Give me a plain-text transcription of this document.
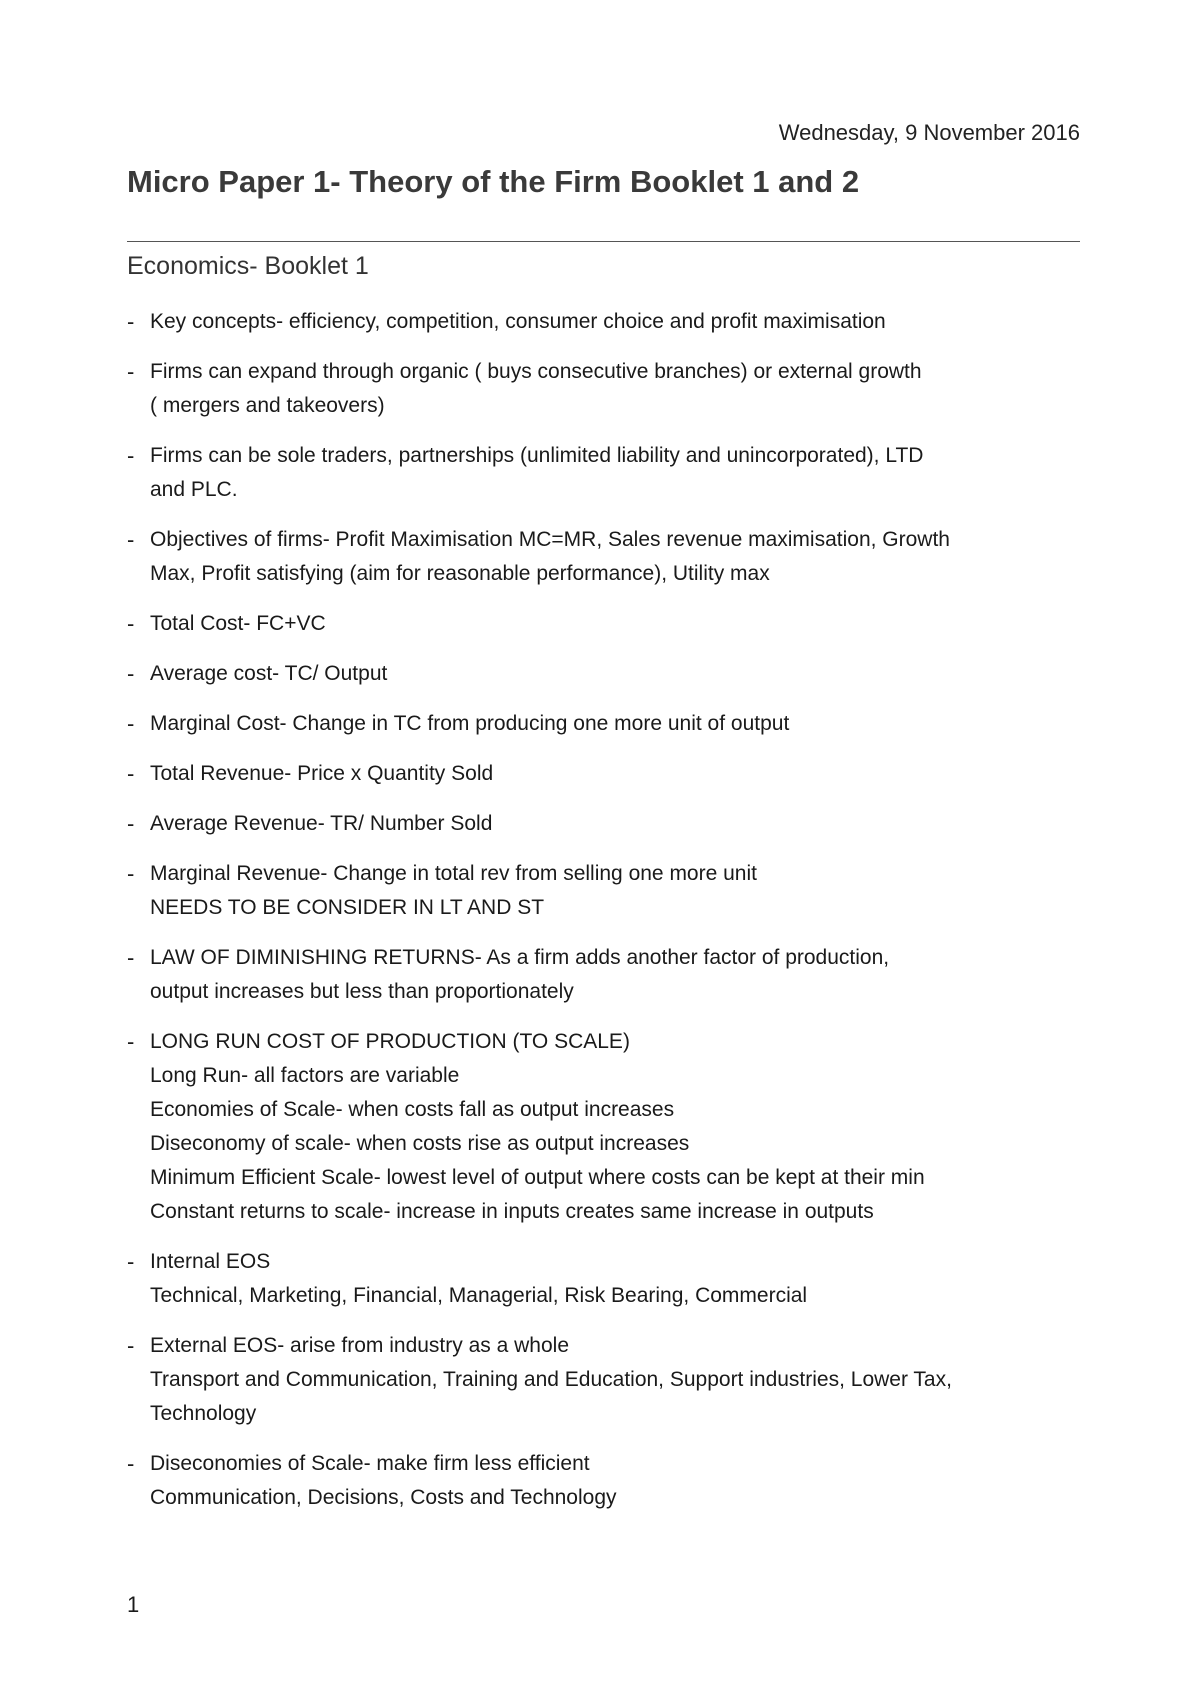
Wednesday, 9 November 2016
Micro Paper 1- Theory of the Firm Booklet 1 and 2
Economics- Booklet 1
- Key concepts- efficiency, competition, consumer choice and profit maximisation
- Firms can expand through organic ( buys consecutive branches) or external growth
( mergers and takeovers)
- Firms can be sole traders, partnerships (unlimited liability and unincorporated), LTD
and PLC.
- Objectives of firms- Profit Maximisation MC=MR, Sales revenue maximisation, Growth
Max, Profit satisfying (aim for reasonable performance), Utility max
- Total Cost- FC+VC
- Average cost- TC/ Output
- Marginal Cost- Change in TC from producing one more unit of output
- Total Revenue- Price x Quantity Sold
- Average Revenue- TR/ Number Sold
- Marginal Revenue- Change in total rev from selling one more unit
NEEDS TO BE CONSIDER IN LT AND ST
- LAW OF DIMINISHING RETURNS- As a firm adds another factor of production,
output increases but less than proportionately
- LONG RUN COST OF PRODUCTION (TO SCALE)
Long Run- all factors are variable
Economies of Scale- when costs fall as output increases
Diseconomy of scale- when costs rise as output increases
Minimum Efficient Scale- lowest level of output where costs can be kept at their min
Constant returns to scale- increase in inputs creates same increase in outputs
- Internal EOS
Technical, Marketing, Financial, Managerial, Risk Bearing, Commercial
- External EOS- arise from industry as a whole
Transport and Communication, Training and Education, Support industries, Lower Tax,
Technology
- Diseconomies of Scale- make firm less efficient
Communication, Decisions, Costs and Technology
1
